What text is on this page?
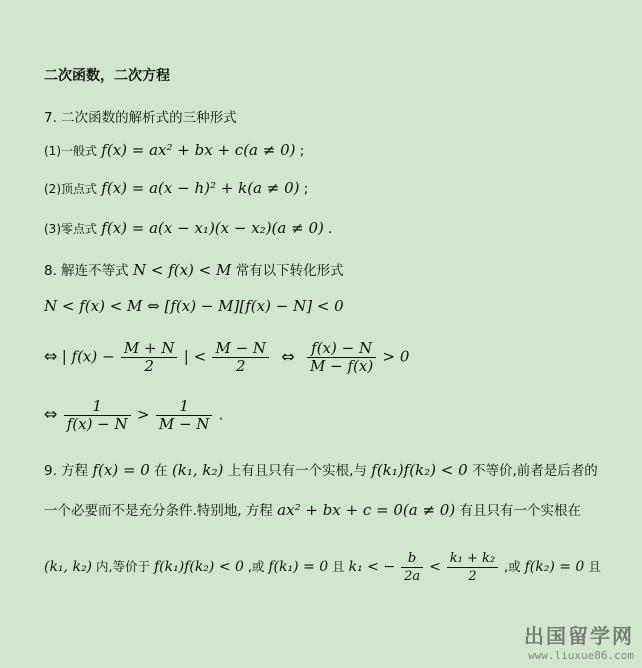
二次函数，二次方程
7. 二次函数的解析式的三种形式
(1)一般式 f(x) = ax² + bx + c(a ≠ 0) ;
(2)顶点式 f(x) = a(x − h)² + k(a ≠ 0) ;
(3)零点式 f(x) = a(x − x₁)(x − x₂)(a ≠ 0) .
8. 解连不等式 N < f(x) < M 常有以下转化形式
N < f(x) < M ⇔ [f(x) − M][f(x) − N] < 0
⇔ | $f(x) - \frac{M + N}{2}$ | < $\frac{M - N}{2}$ ⇔ $\frac{f(x) - N}{M - f(x)} > 0$
⇔ $\frac{1}{f(x) - N} > \frac{1}{M - N}$ .
9. 方程 f(x) = 0 在 (k₁, k₂) 上有且只有一个实根,与 f(k₁)f(k₂) < 0 不等价,前者是后者的
一个必要而不是充分条件.特别地, 方程 ax² + bx + c = 0(a ≠ 0) 有且只有一个实根在
(k₁, k₂) 内,等价于 f(k₁)f(k₂) < 0 ,或 f(k₁) = 0 且 k₁ < − $\frac{b}{2a} < \frac{\text{k₁ + k₂}}{2}$ ,或 f(k₂) = 0 且
出国留学网
www.liuxue86.com
